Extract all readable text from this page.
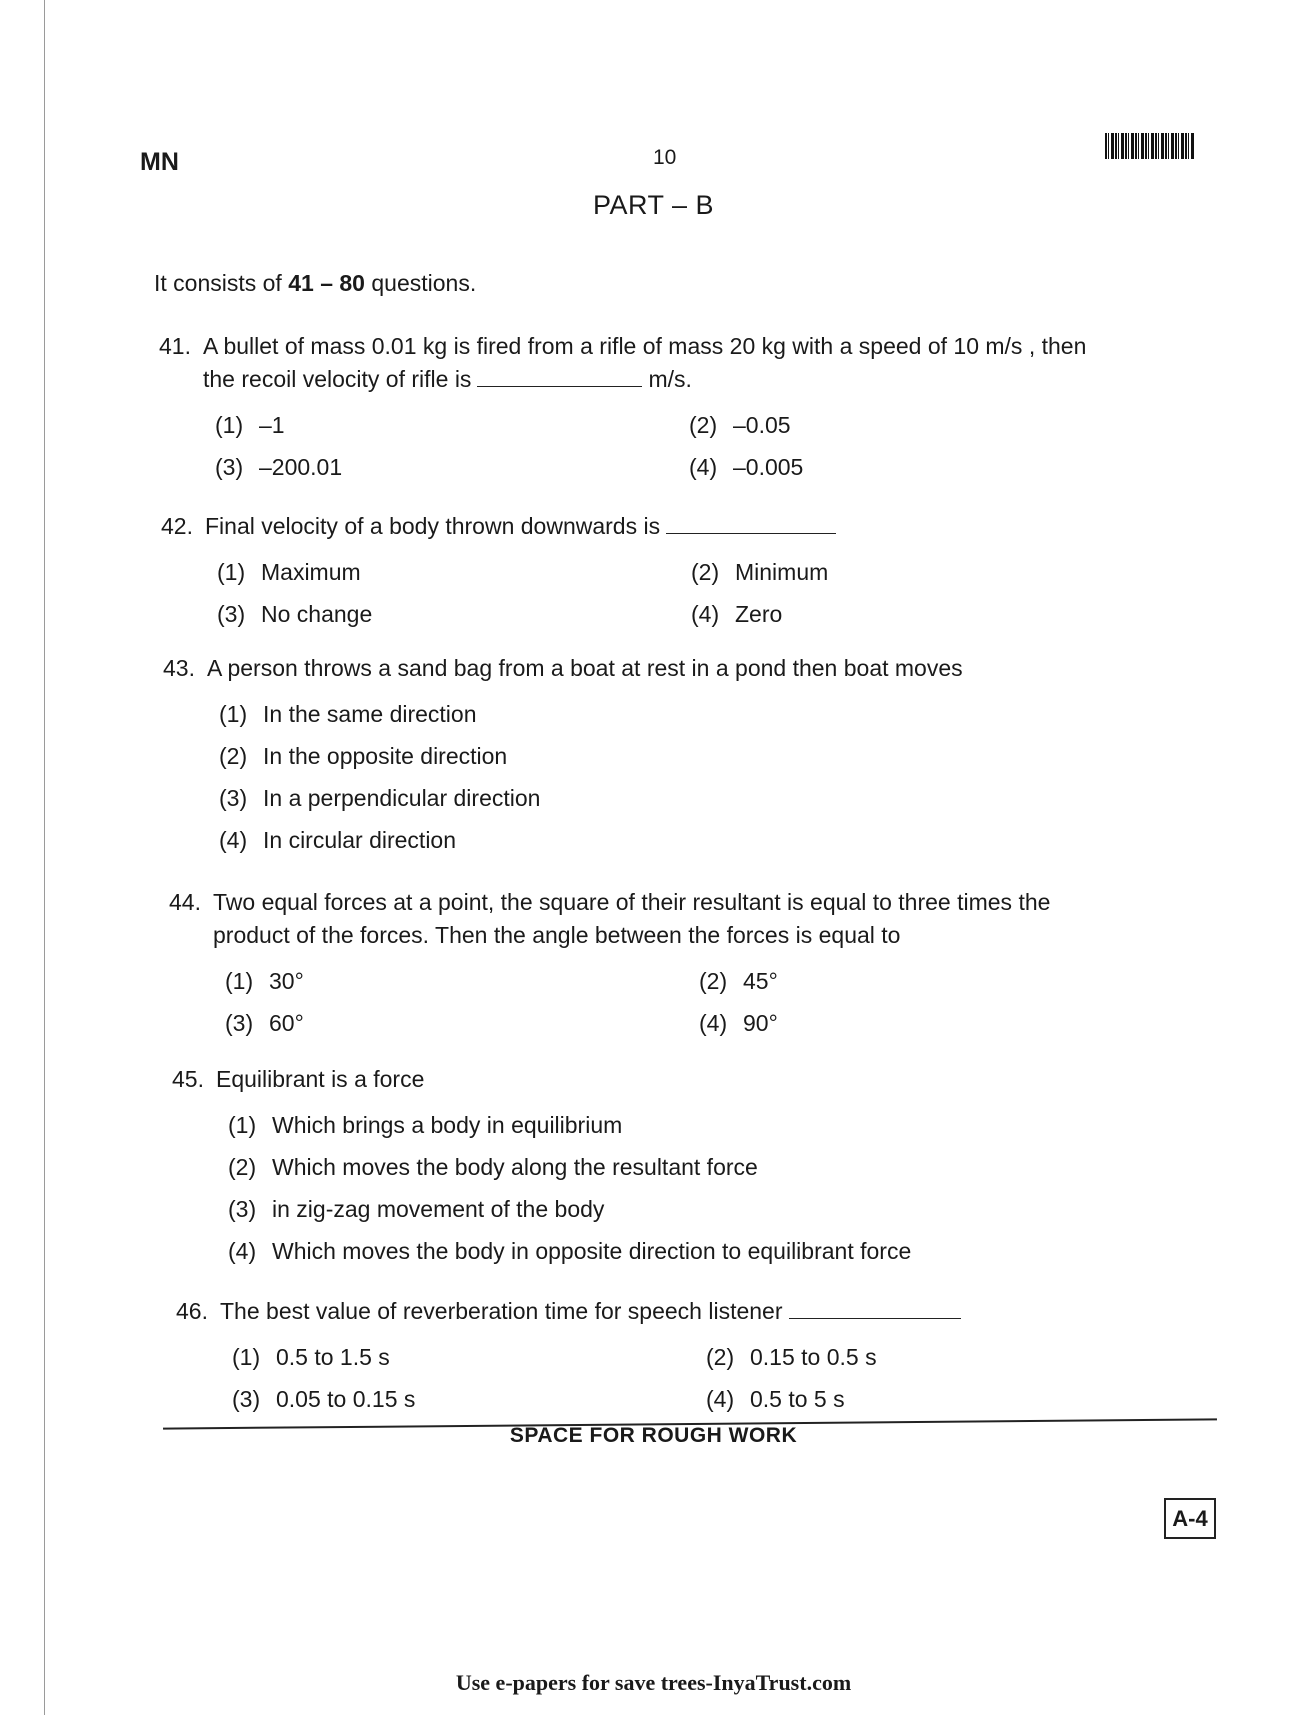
MN	10
PART – B
It consists of 41 – 80 questions.
41. A bullet of mass 0.01 kg is fired from a rifle of mass 20 kg with a speed of 10 m/s , then
the recoil velocity of rifle is	m/s.
(1) –1	(2) –0.05
(3) –200.01	(4) –0.005
42. Final velocity of a body thrown downwards is
(1) Maximum	(2) Minimum
(3) No change	(4) Zero
43. A person throws a sand bag from a boat at rest in a pond then boat moves
(1) In the same direction
(2) In the opposite direction
(3) In a perpendicular direction
(4) In circular direction
44. Two equal forces at a point, the square of their resultant is equal to three times the
product of the forces. Then the angle between the forces is equal to
(1) 30°	(2) 45°
(3) 60°	(4) 90°
45. Equilibrant is a force
(1) Which brings a body in equilibrium
(2) Which moves the body along the resultant force
(3) in zig-zag movement of the body
(4) Which moves the body in opposite direction to equilibrant force
46. The best value of reverberation time for speech listener
(1) 0.5 to 1.5 s	(2) 0.15 to 0.5 s
(3) 0.05 to 0.15 s	(4) 0.5 to 5 s
SPACE FOR ROUGH WORK
A-4
Use e-papers for save trees-InyaTrust.com
